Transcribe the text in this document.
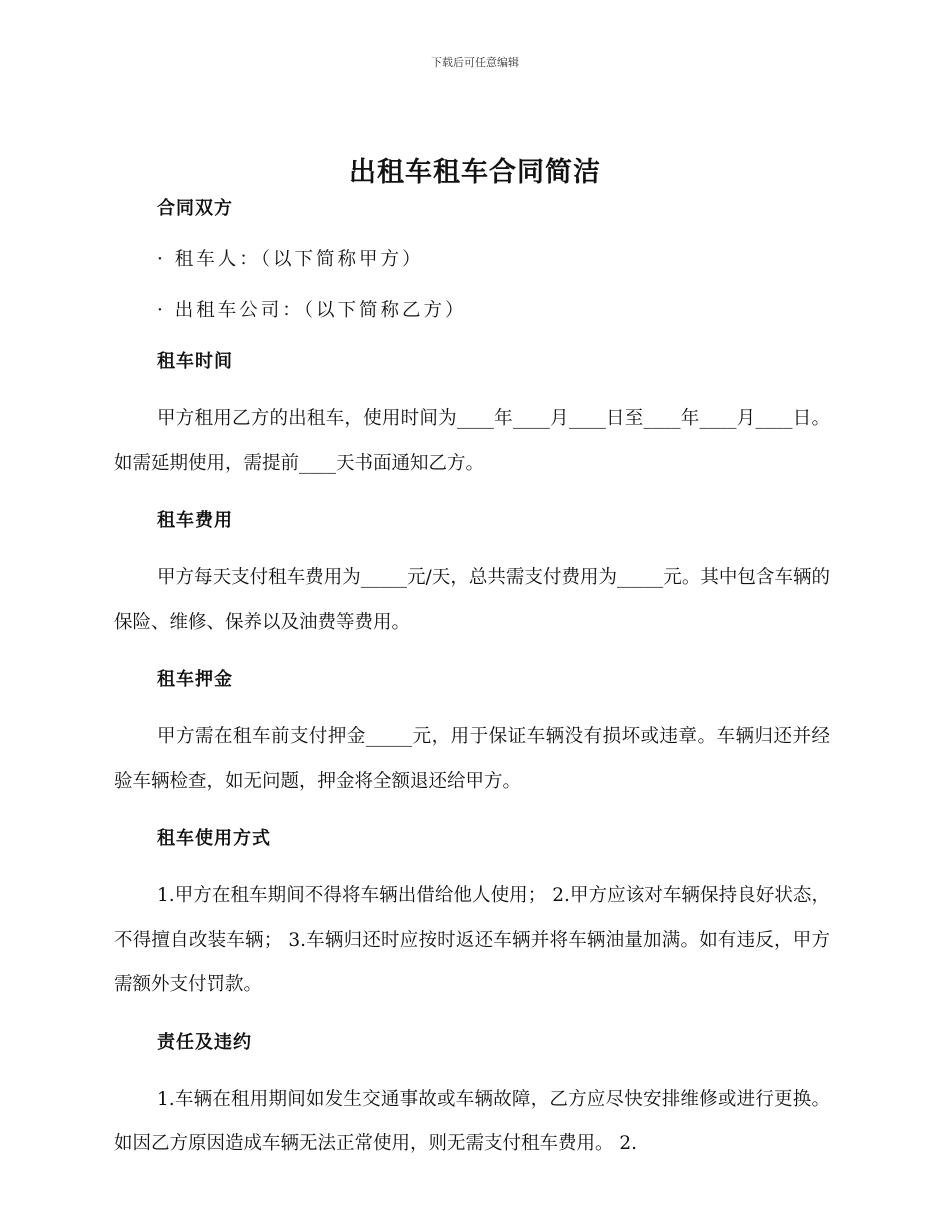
下载后可任意编辑
出租车租车合同简洁
合同双方
· 租车人：（以下简称甲方）
· 出租车公司：（以下简称乙方）
租车时间

甲方租用乙方的出租车，使用时间为____年____月____日至____年____月____日。如需延期使用，需提前____天书面通知乙方。

租车费用

甲方每天支付租车费用为_____元/天，总共需支付费用为_____元。其中包含车辆的保险、维修、保养以及油费等费用。

租车押金

甲方需在租车前支付押金_____元，用于保证车辆没有损坏或违章。车辆归还并经验车辆检查，如无问题，押金将全额退还给甲方。

租车使用方式

1.甲方在租车期间不得将车辆出借给他人使用； 2.甲方应该对车辆保持良好状态，不得擅自改装车辆； 3.车辆归还时应按时返还车辆并将车辆油量加满。如有违反，甲方需额外支付罚款。

责任及违约

1.车辆在租用期间如发生交通事故或车辆故障，乙方应尽快安排维修或进行更换。如因乙方原因造成车辆无法正常使用，则无需支付租车费用。 2.
